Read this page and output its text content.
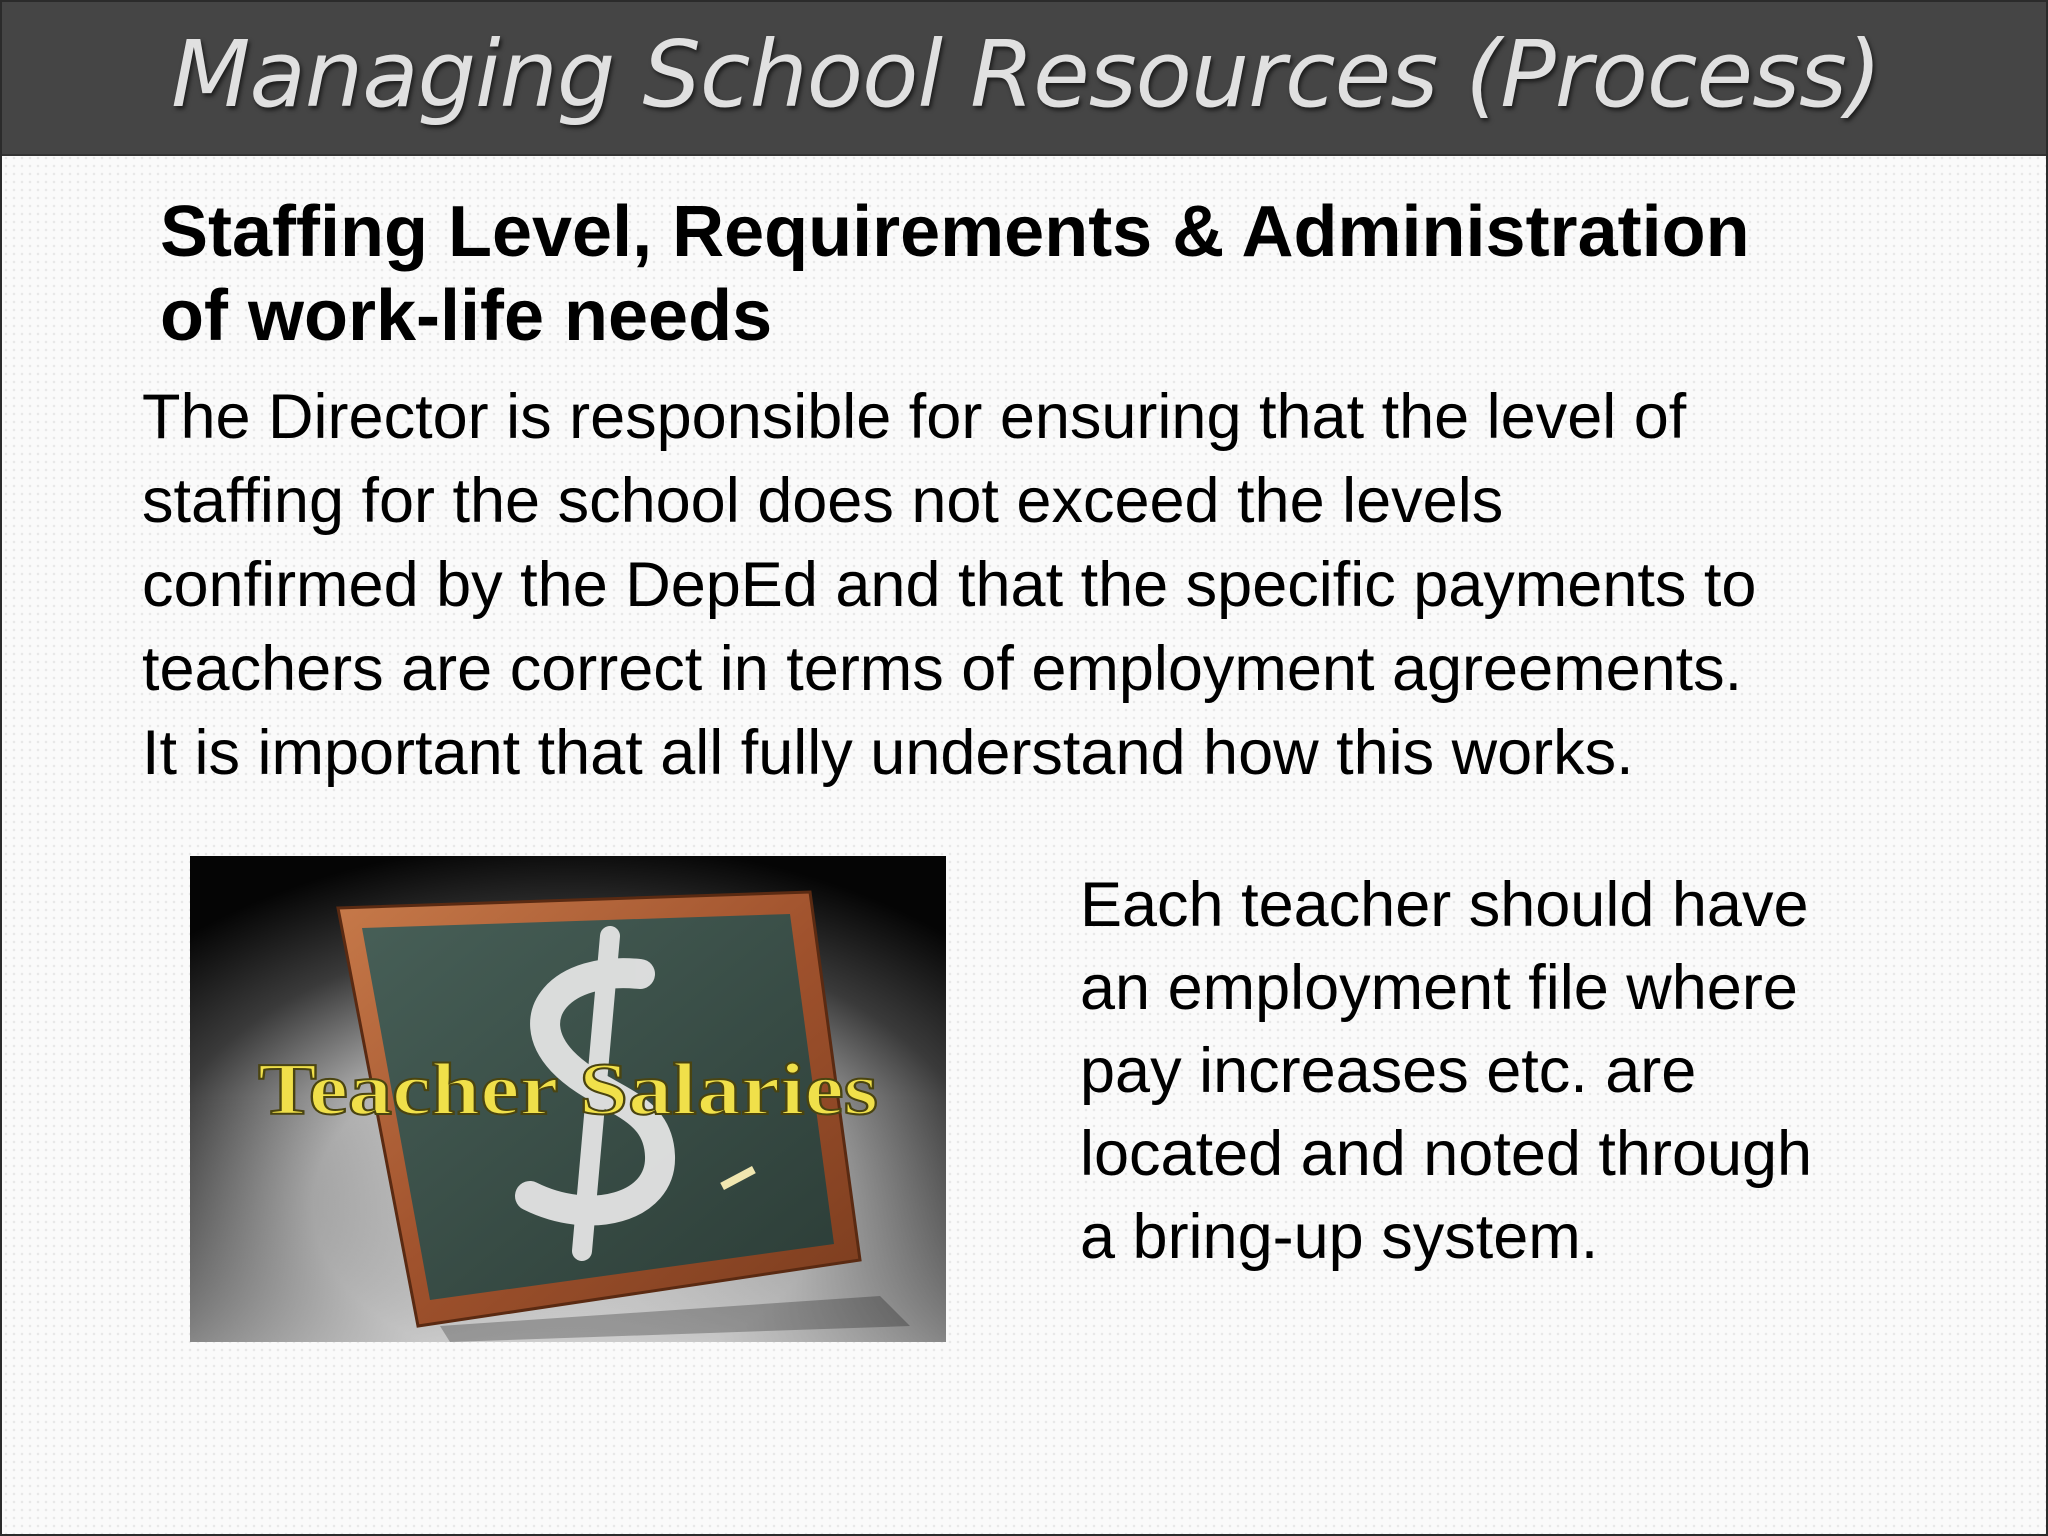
Managing School Resources (Process)
Staffing Level, Requirements & Administration
of work-life needs

The Director is responsible for ensuring that the level of
staffing for the school does not exceed the levels
confirmed by the DepEd and that the specific payments to
teachers are correct in terms of employment agreements.
It is important that all fully understand how this works.

Teacher Salaries

Each teacher should have
an employment file where
pay increases etc. are
located and noted through
a bring-up system.
